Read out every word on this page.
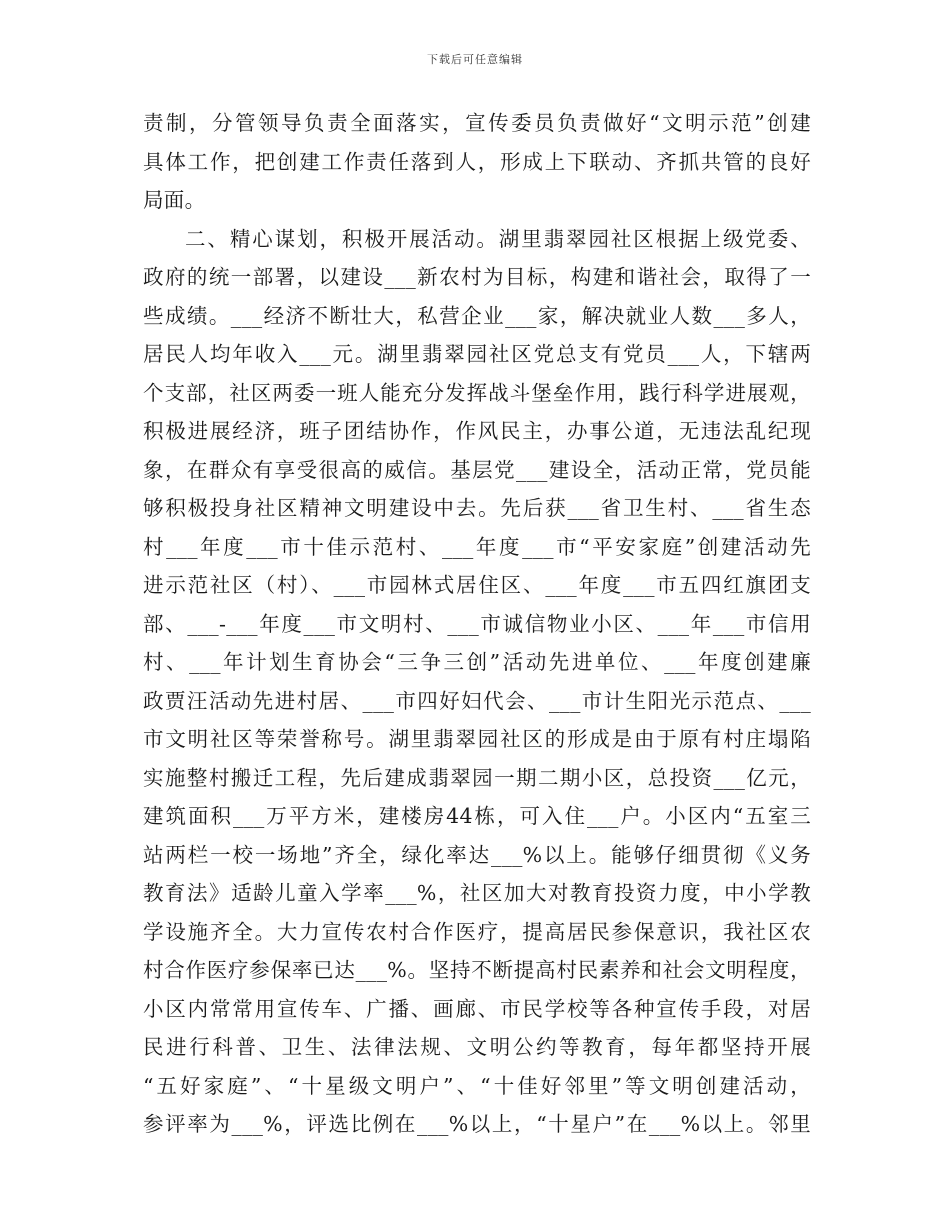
下载后可任意编辑
责制，分管领导负责全面落实，宣传委员负责做好“文明示范”创建
具体工作，把创建工作责任落到人，形成上下联动、齐抓共管的良好
局面。
二、精心谋划，积极开展活动。湖里翡翠园社区根据上级党委、
政府的统一部署，以建设___新农村为目标，构建和谐社会，取得了一
些成绩。___经济不断壮大，私营企业___家，解决就业人数___多人，
居民人均年收入___元。湖里翡翠园社区党总支有党员___人，下辖两
个支部，社区两委一班人能充分发挥战斗堡垒作用，践行科学进展观，
积极进展经济，班子团结协作，作风民主，办事公道，无违法乱纪现
象，在群众有享受很高的威信。基层党___建设全，活动正常，党员能
够积极投身社区精神文明建设中去。先后获___省卫生村、___省生态
村___年度___市十佳示范村、___年度___市“平安家庭”创建活动先
进示范社区（村）、___市园林式居住区、___年度___市五四红旗团支
部、___-___年度___市文明村、___市诚信物业小区、___年___市信用
村、___年计划生育协会“三争三创”活动先进单位、___年度创建廉
政贾汪活动先进村居、___市四好妇代会、___市计生阳光示范点、___
市文明社区等荣誉称号。湖里翡翠园社区的形成是由于原有村庄塌陷
实施整村搬迁工程，先后建成翡翠园一期二期小区，总投资___亿元，
建筑面积___万平方米，建楼房44栋，可入住___户。小区内“五室三
站两栏一校一场地”齐全，绿化率达___%以上。能够仔细贯彻《义务
教育法》适龄儿童入学率___%，社区加大对教育投资力度，中小学教
学设施齐全。大力宣传农村合作医疗，提高居民参保意识，我社区农
村合作医疗参保率已达___%。坚持不断提高村民素养和社会文明程度，
小区内常常用宣传车、广播、画廊、市民学校等各种宣传手段，对居
民进行科普、卫生、法律法规、文明公约等教育，每年都坚持开展
“五好家庭”、“十星级文明户”、“十佳好邻里”等文明创建活动，
参评率为___%，评选比例在___%以上，“十星户”在___%以上。邻里
